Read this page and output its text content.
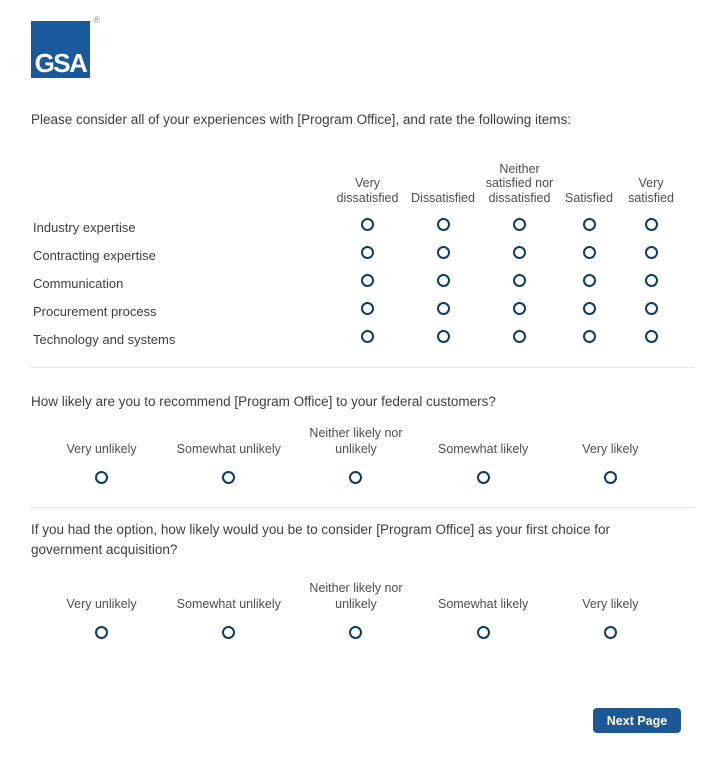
GSA
®
Please consider all of your experiences with [Program Office], and rate the following items:
	Very dissatisfied	Dissatisfied	Neither satisfied nor dissatisfied	Satisfied	Very satisfied
Industry expertise					
Contracting expertise					
Communication					
Procurement process					
Technology and systems					
How likely are you to recommend [Program Office] to your federal customers?
Very unlikely	Somewhat unlikely
Neither likely nor unlikely	Somewhat likely	Very likely
If you had the option, how likely would you be to consider [Program Office] as your first choice for government acquisition?
Very unlikely	Somewhat unlikely
Neither likely nor unlikely	Somewhat likely	Very likely
Next Page
